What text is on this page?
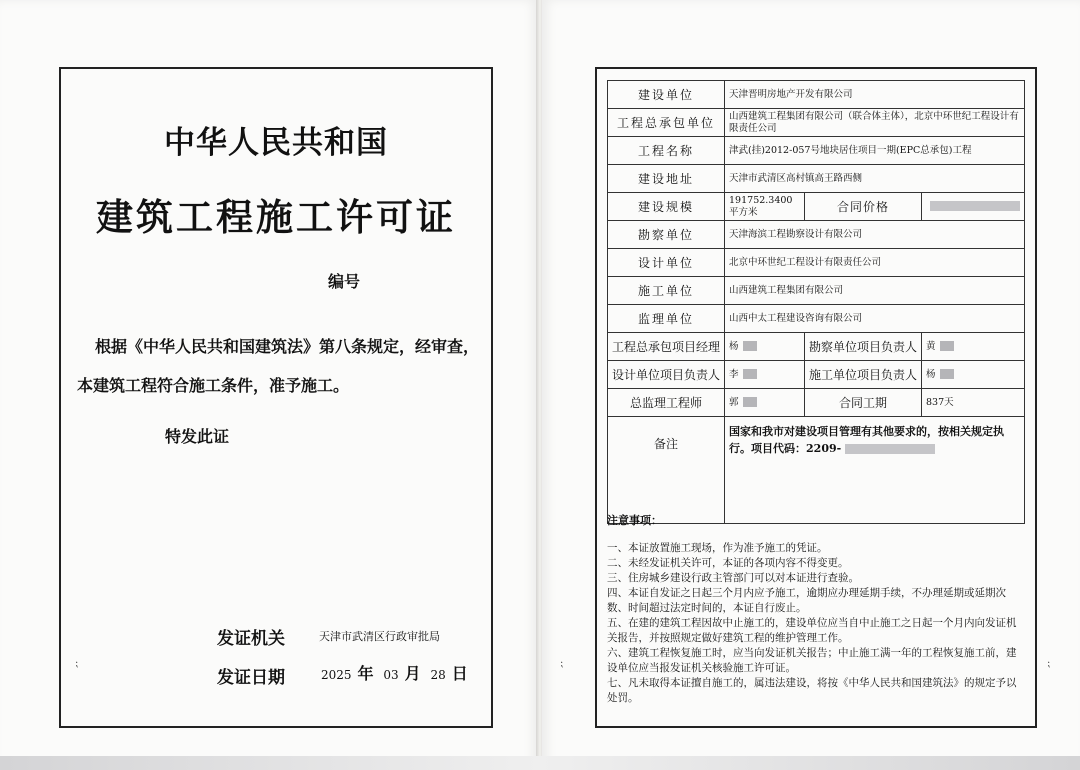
⁏
中华人民共和国
建筑工程施工许可证
编号
根据《中华人民共和国建筑法》第八条规定，经审查，
本建筑工程符合施工条件，准予施工。
特发此证
发证机关	天津市武清区行政审批局
发证日期	2025 年 03 月 28 日
⁏	⁏
建设单位	天津晋明房地产开发有限公司		
工程总承包单位	山西建筑工程集团有限公司（联合体主体），北京中环世纪工程设计有限责任公司		
工程名称	津武(挂)2012-057号地块居住项目一期(EPC总承包)工程		
建设地址	天津市武清区高村镇高王路西侧		
建设规模	191752.3400平方米	合同价格	
勘察单位	天津海滨工程勘察设计有限公司		
设计单位	北京中环世纪工程设计有限责任公司		
施工单位	山西建筑工程集团有限公司		
监理单位	山西中太工程建设咨询有限公司		
工程总承包项目经理	杨	勘察单位项目负责人	黄
设计单位项目负责人	李	施工单位项目负责人	杨
总监理工程师	郭	合同工期	837天
备注	国家和我市对建设项目管理有其他要求的，按相关规定执行。项目代码：2209-		
注意事项：
一、本证放置施工现场，作为准予施工的凭证。
二、未经发证机关许可，本证的各项内容不得变更。
三、住房城乡建设行政主管部门可以对本证进行查验。
四、本证自发证之日起三个月内应予施工，逾期应办理延期手续，不办理延期或延期次数、时间超过法定时间的，本证自行废止。
五、在建的建筑工程因故中止施工的，建设单位应当自中止施工之日起一个月内向发证机关报告，并按照规定做好建筑工程的维护管理工作。
六、建筑工程恢复施工时，应当向发证机关报告；中止施工满一年的工程恢复施工前，建设单位应当报发证机关核验施工许可证。
七、凡未取得本证擅自施工的，属违法建设，将按《中华人民共和国建筑法》的规定予以处罚。
